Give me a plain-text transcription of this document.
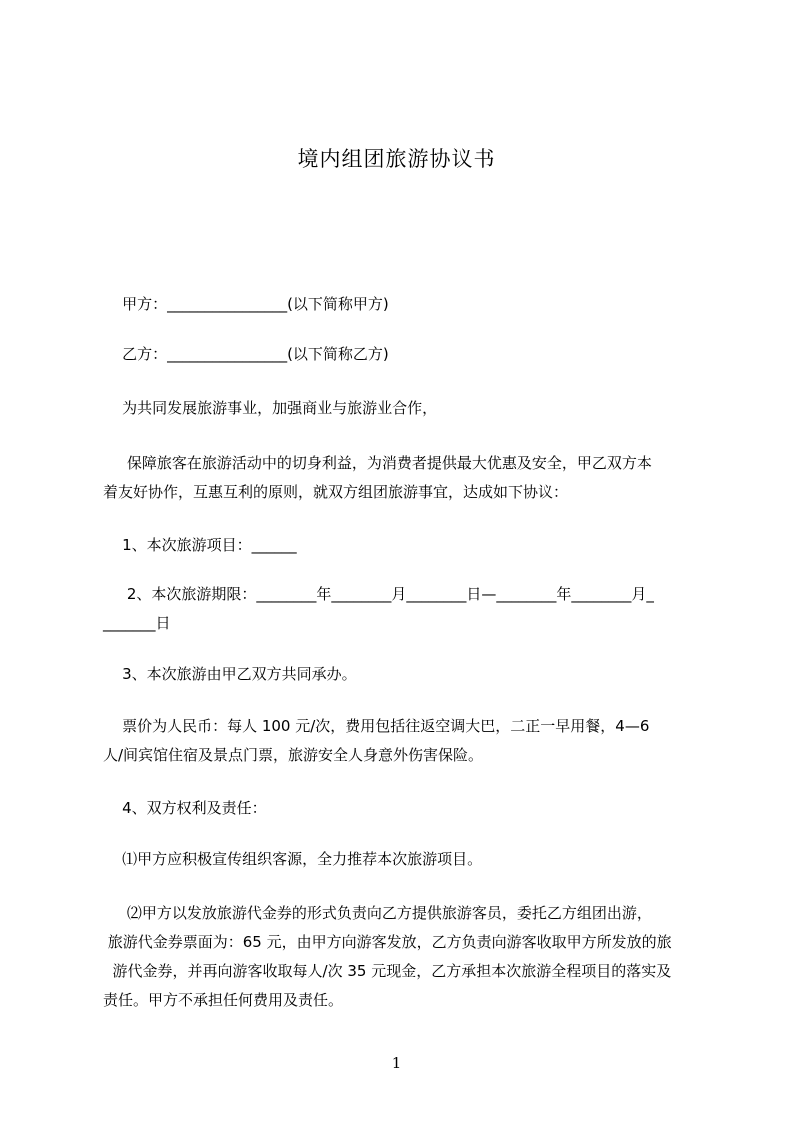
境内组团旅游协议书
甲方：________________(以下简称甲方)
乙方：________________(以下简称乙方)
为共同发展旅游事业，加强商业与旅游业合作，
保障旅客在旅游活动中的切身利益，为消费者提供最大优惠及安全，甲乙双方本
着友好协作，互惠互利的原则，就双方组团旅游事宜，达成如下协议：
1、本次旅游项目：______
2、本次旅游期限：________年________月________日—________年________月_
_______日
3、本次旅游由甲乙双方共同承办。
票价为人民币：每人 100 元/次，费用包括往返空调大巴，二正一早用餐，4—6
人/间宾馆住宿及景点门票，旅游安全人身意外伤害保险。
4、双方权利及责任：
⑴甲方应积极宣传组织客源，全力推荐本次旅游项目。
⑵甲方以发放旅游代金券的形式负责向乙方提供旅游客员，委托乙方组团出游，
旅游代金券票面为：65 元，由甲方向游客发放，乙方负责向游客收取甲方所发放的旅
游代金券，并再向游客收取每人/次 35 元现金，乙方承担本次旅游全程项目的落实及
责任。甲方不承担任何费用及责任。
1
